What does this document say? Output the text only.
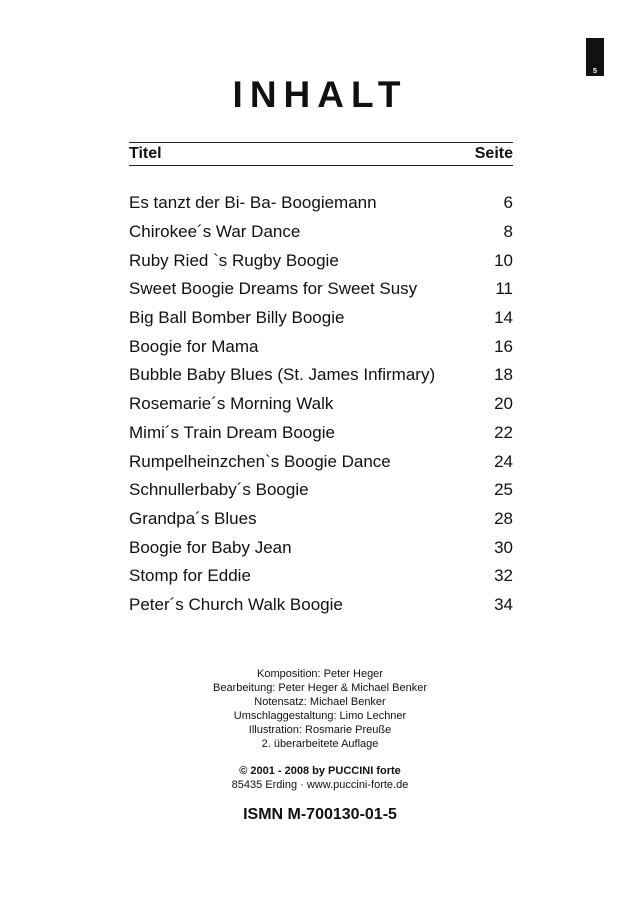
5
INHALT
Titel	Seite
Es tanzt der Bi- Ba- Boogiemann	6
Chirokee´s War Dance	8
Ruby Ried `s Rugby Boogie	10
Sweet Boogie Dreams for Sweet Susy	11
Big Ball Bomber Billy Boogie	14
Boogie for Mama	16
Bubble Baby Blues (St. James Infirmary)	18
Rosemarie´s Morning Walk	20
Mimi´s Train Dream Boogie	22
Rumpelheinzchen`s Boogie Dance	24
Schnullerbaby´s Boogie	25
Grandpa´s Blues	28
Boogie for Baby Jean	30
Stomp for Eddie	32
Peter´s Church Walk Boogie	34
Komposition: Peter Heger
Bearbeitung: Peter Heger & Michael Benker
Notensatz: Michael Benker
Umschlaggestaltung: Limo Lechner
Illustration: Rosmarie Preuße
2. überarbeitete Auflage
© 2001 - 2008 by PUCCINI forte
85435 Erding · www.puccini-forte.de
ISMN M-700130-01-5
